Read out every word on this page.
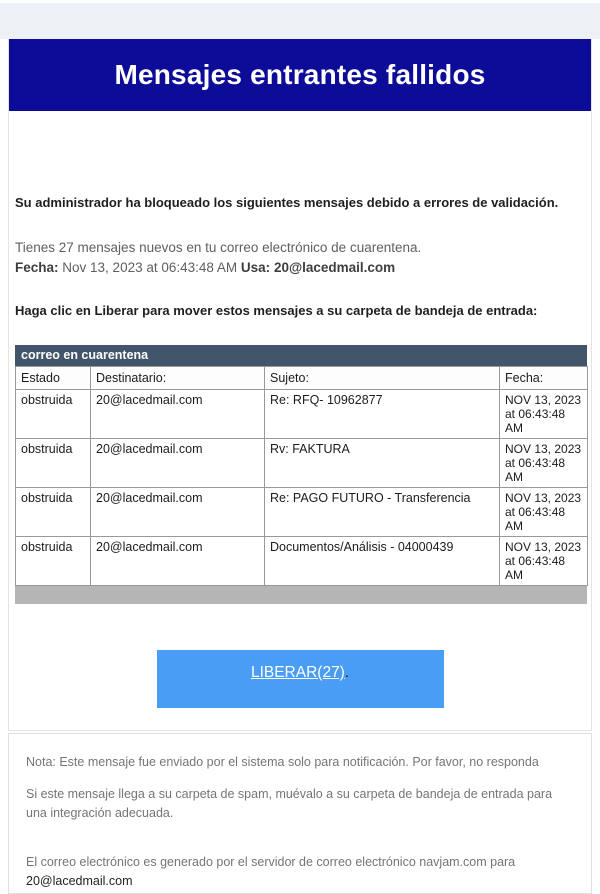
Mensajes entrantes fallidos

Su administrador ha bloqueado los siguientes mensajes debido a errores de validación.

Tienes 27 mensajes nuevos en tu correo electrónico de cuarentena.
Fecha: Nov 13, 2023 at 06:43:48 AM Usa: 20@lacedmail.com

Haga clic en Liberar para mover estos mensajes a su carpeta de bandeja de entrada:

correo en cuarentena
Estado	Destinatario:	Sujeto:	Fecha:
obstruida	20@lacedmail.com	Re: RFQ- 10962877	NOV 13, 2023 at 06:43:48 AM
obstruida	20@lacedmail.com	Rv: FAKTURA	NOV 13, 2023 at 06:43:48 AM
obstruida	20@lacedmail.com	Re: PAGO FUTURO - Transferencia	NOV 13, 2023 at 06:43:48 AM
obstruida	20@lacedmail.com	Documentos/Análisis - 04000439	NOV 13, 2023 at 06:43:48 AM
LIBERAR(27).

Nota: Este mensaje fue enviado por el sistema solo para notificación. Por favor, no responda

Si este mensaje llega a su carpeta de spam, muévalo a su carpeta de bandeja de entrada para una integración adecuada.

El correo electrónico es generado por el servidor de correo electrónico navjam.com para
20@lacedmail.com
